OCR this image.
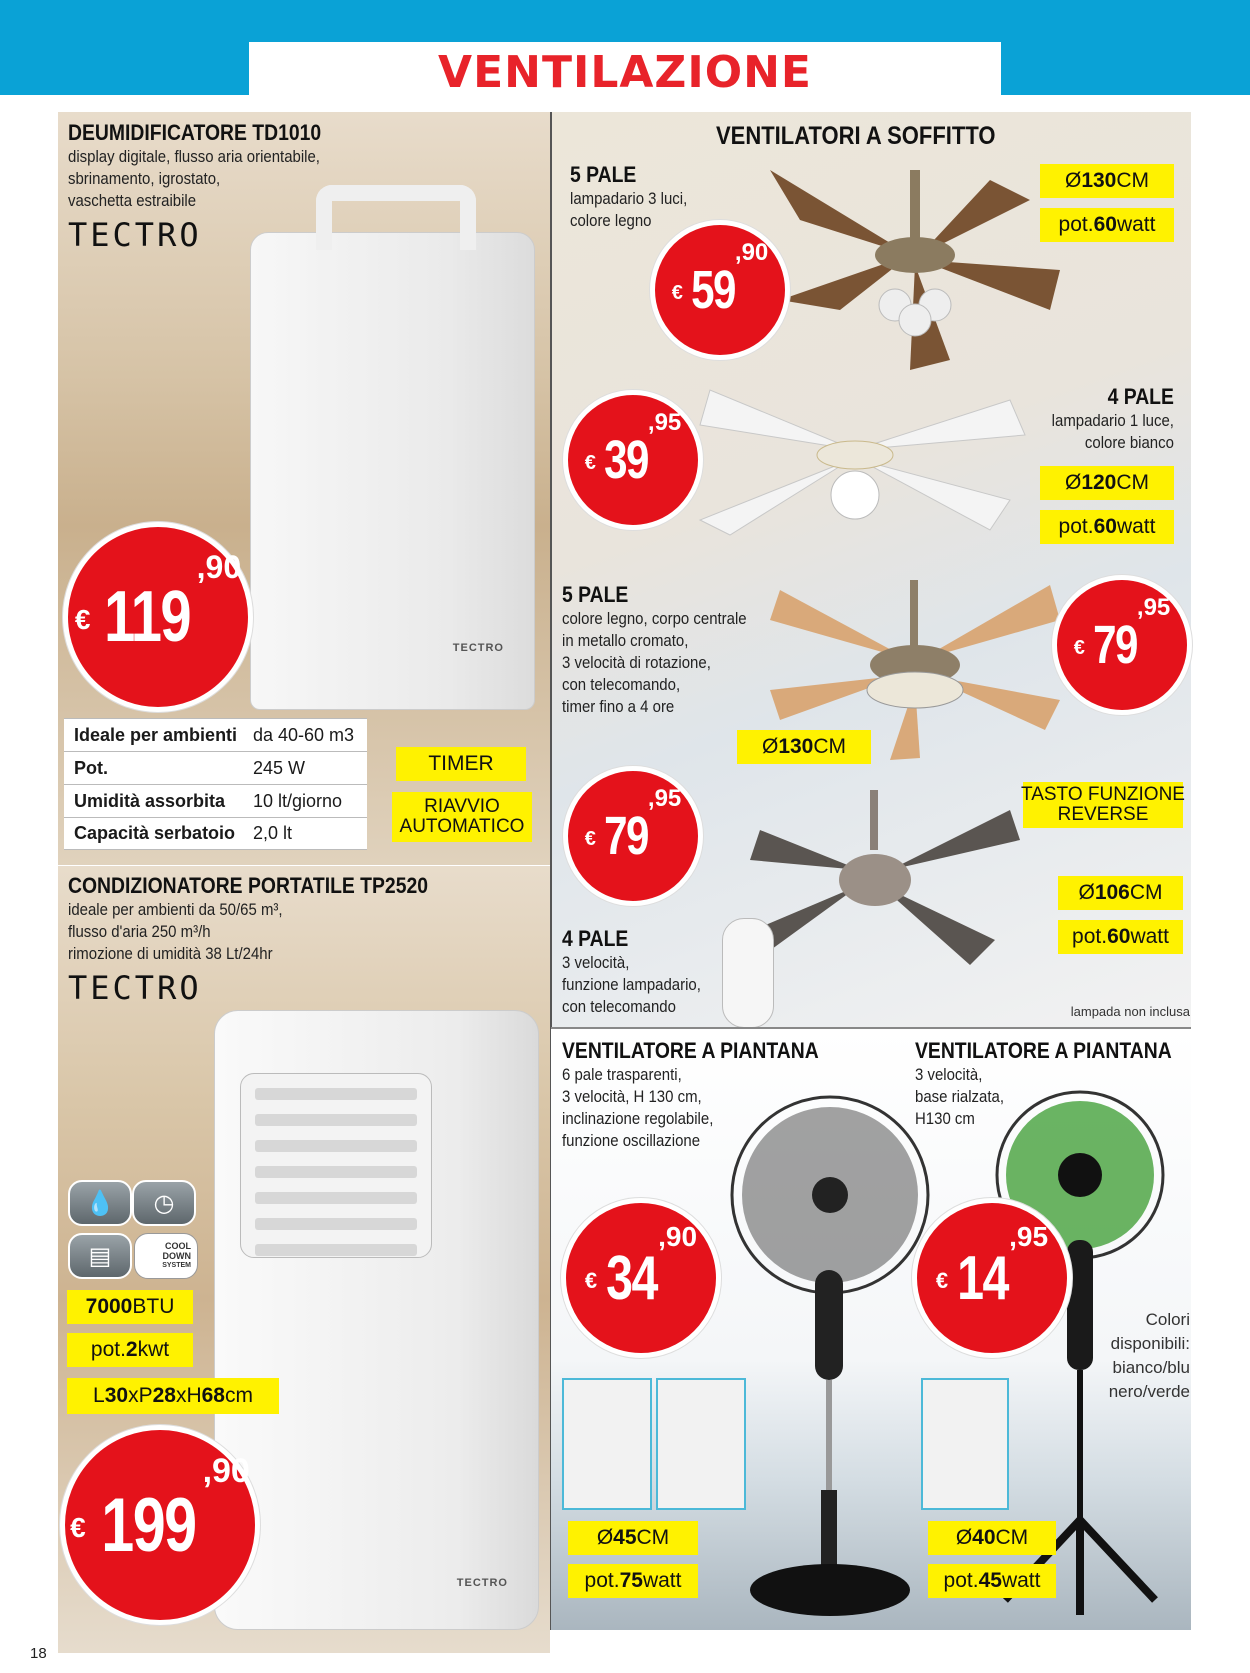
VENTILAZIONE
DEUMIDIFICATORE TD1010
display digitale, flusso aria orientabile,
sbrinamento, igrostato,
vaschetta estraibile
TECTRO
TECTRO
€ 119
,90
Ideale per ambienti da 40-60 m3
Pot.	245 W
Umidità assorbita	10 lt/giorno
Capacità serbatoio 2,0 lt
TIMER
RIAVVIO
AUTOMATICO
CONDIZIONATORE PORTATILE TP2520
ideale per ambienti da 50/65 m³,
flusso d'aria 250 m³/h
rimozione di umidità 38 Lt/24hr
TECTRO
TECTRO
💧	◷
▤	COOL
DOWN
SYSTEM
7000 BTU
pot. 2 kwt
L 30 xP 28 xH 68 cm
€ 199
,90
VENTILATORI A SOFFITTO
5 PALE
lampadario 3 luci,
colore legno
€ 59
,90
Ø 130 CM
pot. 60 watt
4 PALE
lampadario 1 luce,
colore bianco
€ 39
,95
Ø 120 CM
pot. 60 watt
5 PALE
colore legno, corpo centrale
in metallo cromato,
3 velocità di rotazione,
con telecomando,
timer fino a 4 ore
€ 79
,95
Ø 130 CM
€ 79
,95	TASTO FUNZIONE
REVERSE
Ø 106 CM
pot. 60 watt
4 PALE
3 velocità,
funzione lampadario,
con telecomando	lampada non inclusa
VENTILATORE A PIANTANA
6 pale trasparenti,
3 velocità, H 130 cm,
inclinazione regolabile,
funzione oscillazione
€ 34
,90
Ø 45 CM
pot. 75 watt
VENTILATORE A PIANTANA
3 velocità,
base rialzata,
H130 cm
€ 14
,95
Colori
disponibili:
bianco/blu
nero/verde
Ø 40 CM
pot. 45 watt
18
